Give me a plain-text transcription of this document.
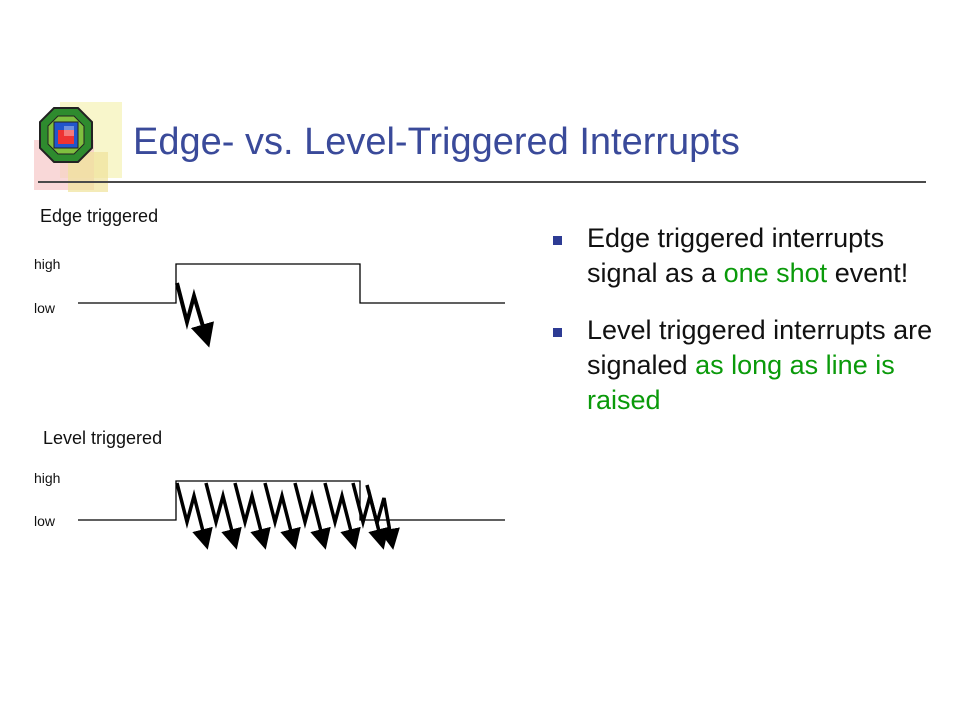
Edge- vs. Level-Triggered Interrupts
Edge triggered
high
low
Level triggered
high
low
Edge triggered interrupts signal as a one shot event!
Level triggered interrupts are signaled as long as line is raised
